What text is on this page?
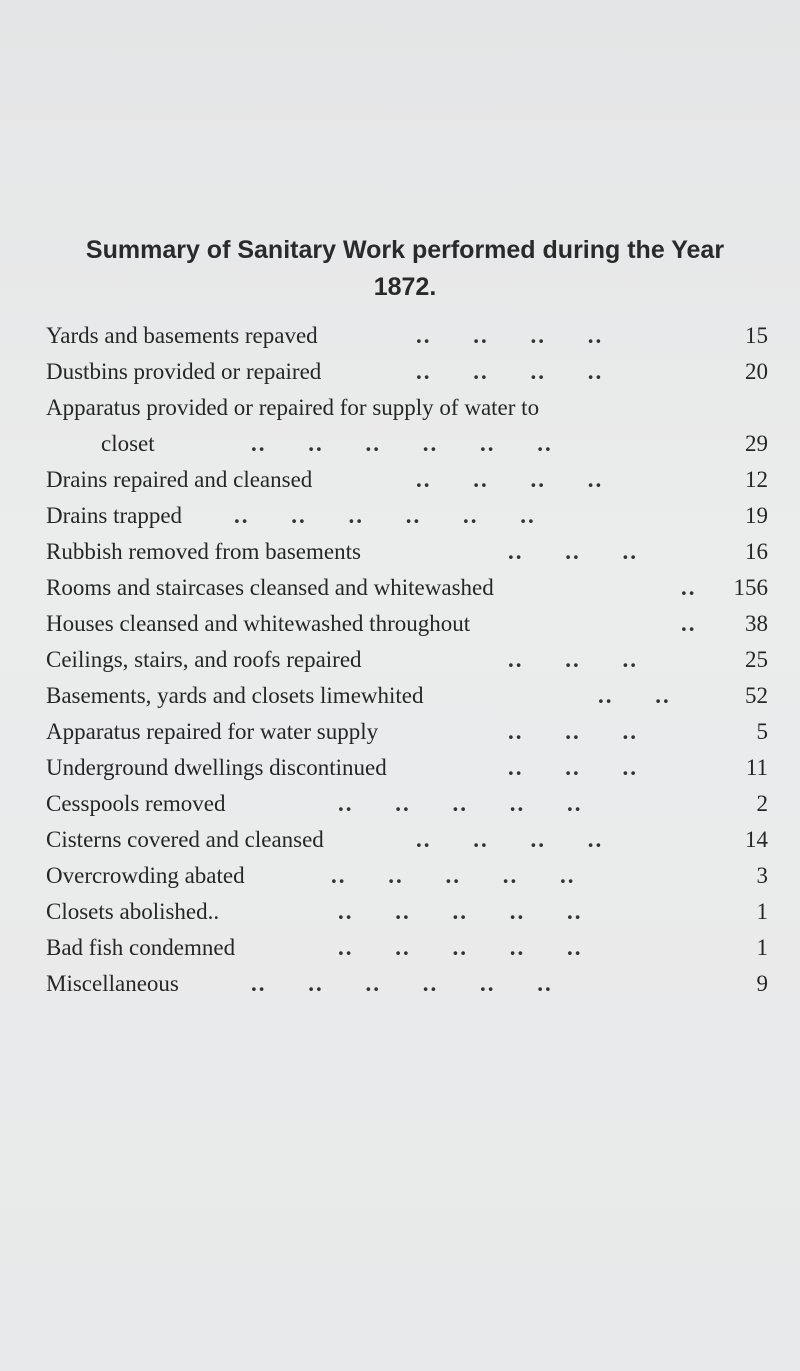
Summary of Sanitary Work performed during the Year
1872.
Yards and basements repaved	.. .. .. ..	15
Dustbins provided or repaired	.. .. .. ..	20
Apparatus provided or repaired for supply of water to
closet	.. .. .. .. .. ..	29
Drains repaired and cleansed	.. .. .. ..	12
Drains trapped .. .. .. .. .. ..	19
Rubbish removed from basements	.. .. ..	16
Rooms and staircases cleansed and whitewashed	.. 156
Houses cleansed and whitewashed throughout	.. 38
Ceilings, stairs, and roofs repaired	.. .. ..	25
Basements, yards and closets limewhited	.. ..	52
Apparatus repaired for water supply	.. .. ..	5
Underground dwellings discontinued	.. .. ..	11
Cesspools removed	.. .. .. .. ..	2
Cisterns covered and cleansed	.. .. .. ..	14
Overcrowding abated	.. .. .. .. ..	3
Closets abolished..	.. .. .. .. ..	1
Bad fish condemned	.. .. .. .. ..	1
Miscellaneous	.. .. .. .. .. ..	9
